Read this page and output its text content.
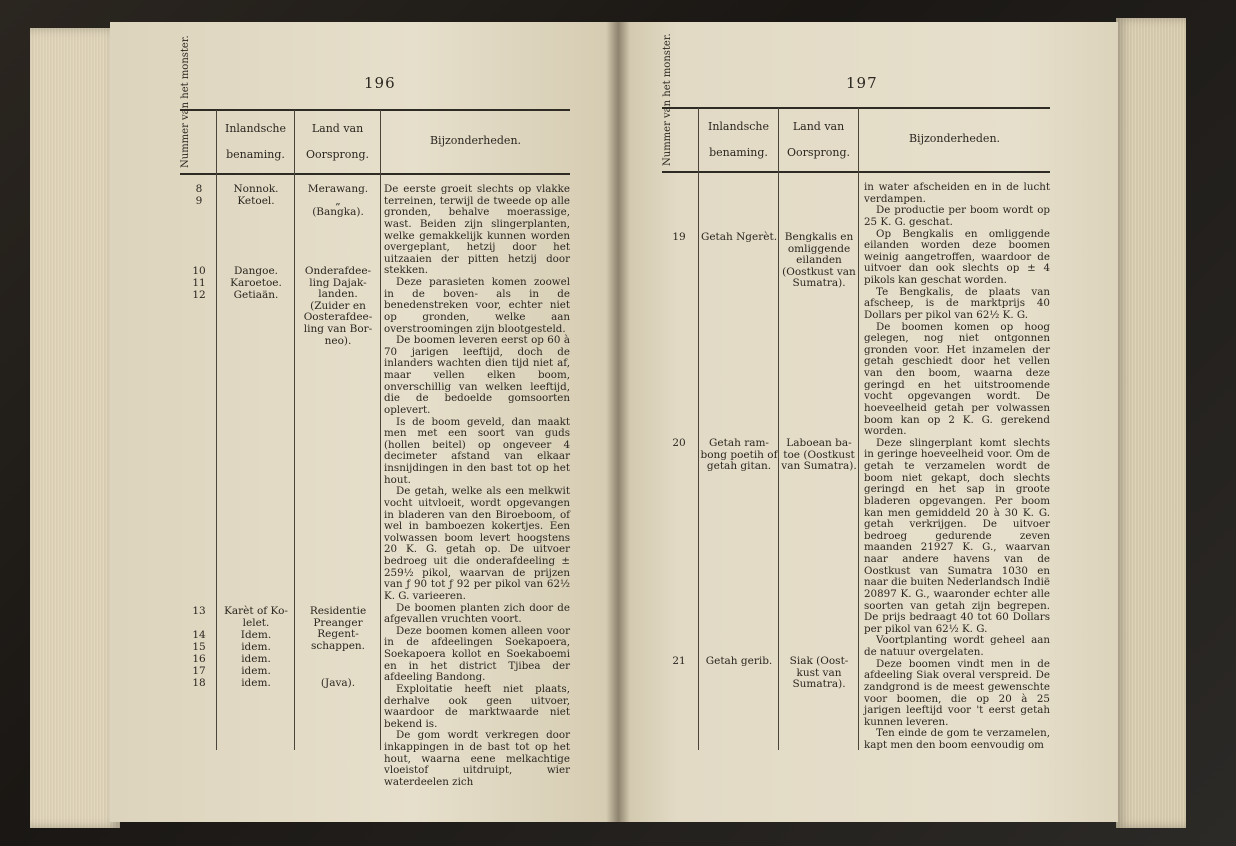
196
Inlandsche benaming.
Land van Oorsprong.
Bijzonderheden.
8
9
10
11
12
13
14
15
16
17
18
Nonnok.
Ketoel.
Dangoe.
Karoetoe.
Getiaän.
Karèt of Ko-
lelet.
Idem.
idem.
idem.
idem.
idem.
Merawang.
„
(Bangka).
Onderafdee-
ling Dajak-
landen.
(Zuider en
Oosterafdee-
ling van Bor-
neo).
Residentie
Preanger
Regent-
schappen.
(Java).

De eerste groeit slechts op vlakke terreinen, terwijl de tweede op alle gronden, behalve moerassige, wast. Beiden zijn slingerplanten, welke gemakkelijk kunnen worden overgeplant, hetzij door het uitzaaien der pitten hetzij door stekken.

Deze parasieten komen zoowel in de boven- als in de benedenstreken voor, echter niet op gronden, welke aan overstroomingen zijn blootgesteld.

De boomen leveren eerst op 60 à 70 jarigen leeftijd, doch de inlanders wachten dien tijd niet af, maar vellen elken boom, onverschillig van welken leeftijd, die de bedoelde gomsoorten oplevert.

Is de boom geveld, dan maakt men met een soort van guds (hollen beitel) op ongeveer 4 decimeter afstand van elkaar insnijdingen in den bast tot op het hout.

De getah, welke als een melkwit vocht uitvloeit, wordt opgevangen in bladeren van den Biroeboom, of wel in bamboezen kokertjes. Een volwassen boom levert hoogstens 20 K. G. getah op. De uitvoer bedroeg uit die onderafdeeling ± 259½ pikol, waarvan de prijzen van ƒ 90 tot ƒ 92 per pikol van 62½ K. G. varieeren.

De boomen planten zich door de afgevallen vruchten voort.

Deze boomen komen alleen voor in de afdeelingen Soekapoera, Soekapoera kollot en Soekaboemi en in het district Tjibea der afdeeling Bandong.

Exploitatie heeft niet plaats, derhalve ook geen uitvoer, waardoor de marktwaarde niet bekend is.

De gom wordt verkregen door inkappingen in de bast tot op het hout, waarna eene melkachtige vloeistof uitdruipt, wier waterdeelen zich

197
Inlandsche benaming.
Land van Oorsprong.
Bijzonderheden.
19
20
21
Getah Ngerèt.
Getah ram-
bong poetih of
getah gitan.
Getah gerib.
Bengkalis en
omliggende
eilanden
(Oostkust van
Sumatra).
Laboean ba-
toe (Oostkust
van Sumatra).
Siak (Oost-
kust van
Sumatra).

in water afscheiden en in de lucht verdampen.

De productie per boom wordt op 25 K. G. geschat.

Op Bengkalis en omliggende eilanden worden deze boomen weinig aangetroffen, waardoor de uitvoer dan ook slechts op ± 4 pikols kan geschat worden.

Te Bengkalis, de plaats van afscheep, is de marktprijs 40 Dollars per pikol van 62½ K. G.

De boomen komen op hoog gelegen, nog niet ontgonnen gronden voor. Het inzamelen der getah geschiedt door het vellen van den boom, waarna deze geringd en het uitstroomende vocht opgevangen wordt. De hoeveelheid getah per volwassen boom kan op 2 K. G. gerekend worden.

Deze slingerplant komt slechts in geringe hoeveelheid voor. Om de getah te verzamelen wordt de boom niet gekapt, doch slechts geringd en het sap in groote bladeren opgevangen. Per boom kan men gemiddeld 20 à 30 K. G. getah verkrijgen. De uitvoer bedroeg gedurende zeven maanden 21927 K. G., waarvan naar andere havens van de Oostkust van Sumatra 1030 en naar die buiten Nederlandsch Indië 20897 K. G., waaronder echter alle soorten van getah zijn begrepen. De prijs bedraagt 40 tot 60 Dollars per pikol van 62½ K. G.

Voortplanting wordt geheel aan de natuur overgelaten.

Deze boomen vindt men in de afdeeling Siak overal verspreid. De zandgrond is de meest gewenschte voor boomen, die op 20 à 25 jarigen leeftijd voor 't eerst getah kunnen leveren.

Ten einde de gom te verzamelen, kapt men den boom eenvoudig om
